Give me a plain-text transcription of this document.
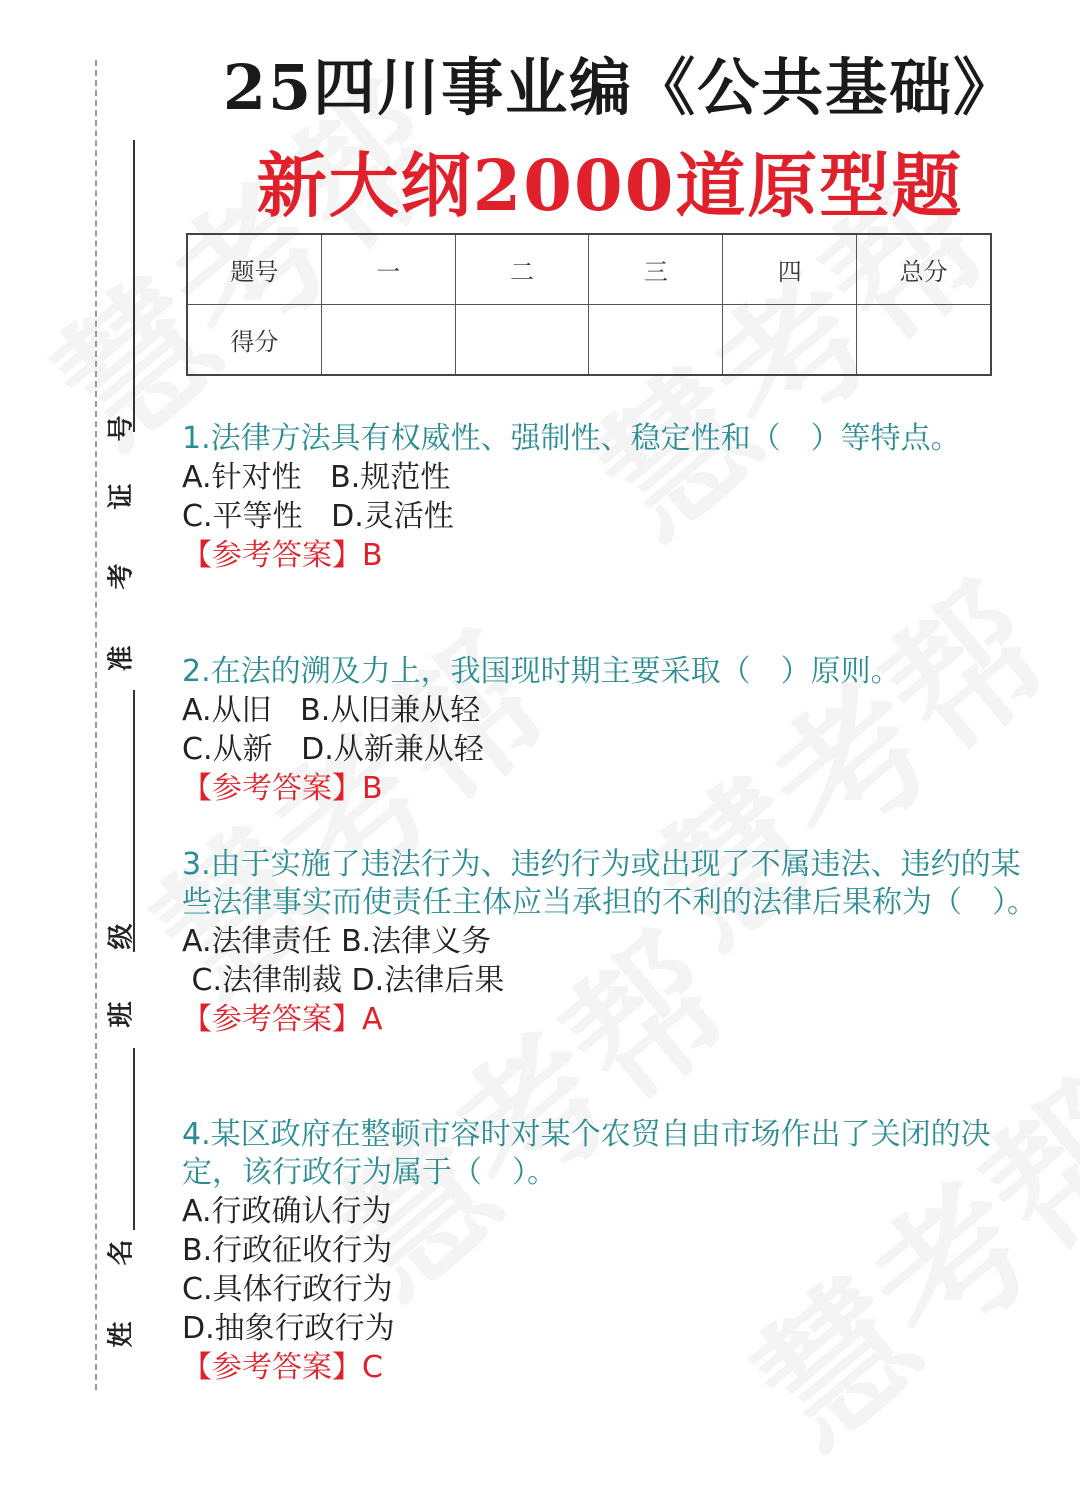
号
证
考
准
级
班
名
姓
25四川事业编《公共基础》
新大纲2000道原型题
题号	一	二	三	四	总分
得分					

1.法律方法具有权威性、强制性、稳定性和（　）等特点。

A.针对性   B.规范性

C.平等性   D.灵活性

【参考答案】B

2.在法的溯及力上，我国现时期主要采取（　）原则。

A.从旧   B.从旧兼从轻

C.从新   D.从新兼从轻

【参考答案】B

3.由于实施了违法行为、违约行为或出现了不属违法、违约的某些法律事实而使责任主体应当承担的不利的法律后果称为（　）。

A.法律责任 B.法律义务

C.法律制裁 D.法律后果

【参考答案】A

4.某区政府在整顿市容时对某个农贸自由市场作出了关闭的决定，该行政行为属于（　）。

A.行政确认行为

B.行政征收行为

C.具体行政行为

D.抽象行政行为

【参考答案】C
